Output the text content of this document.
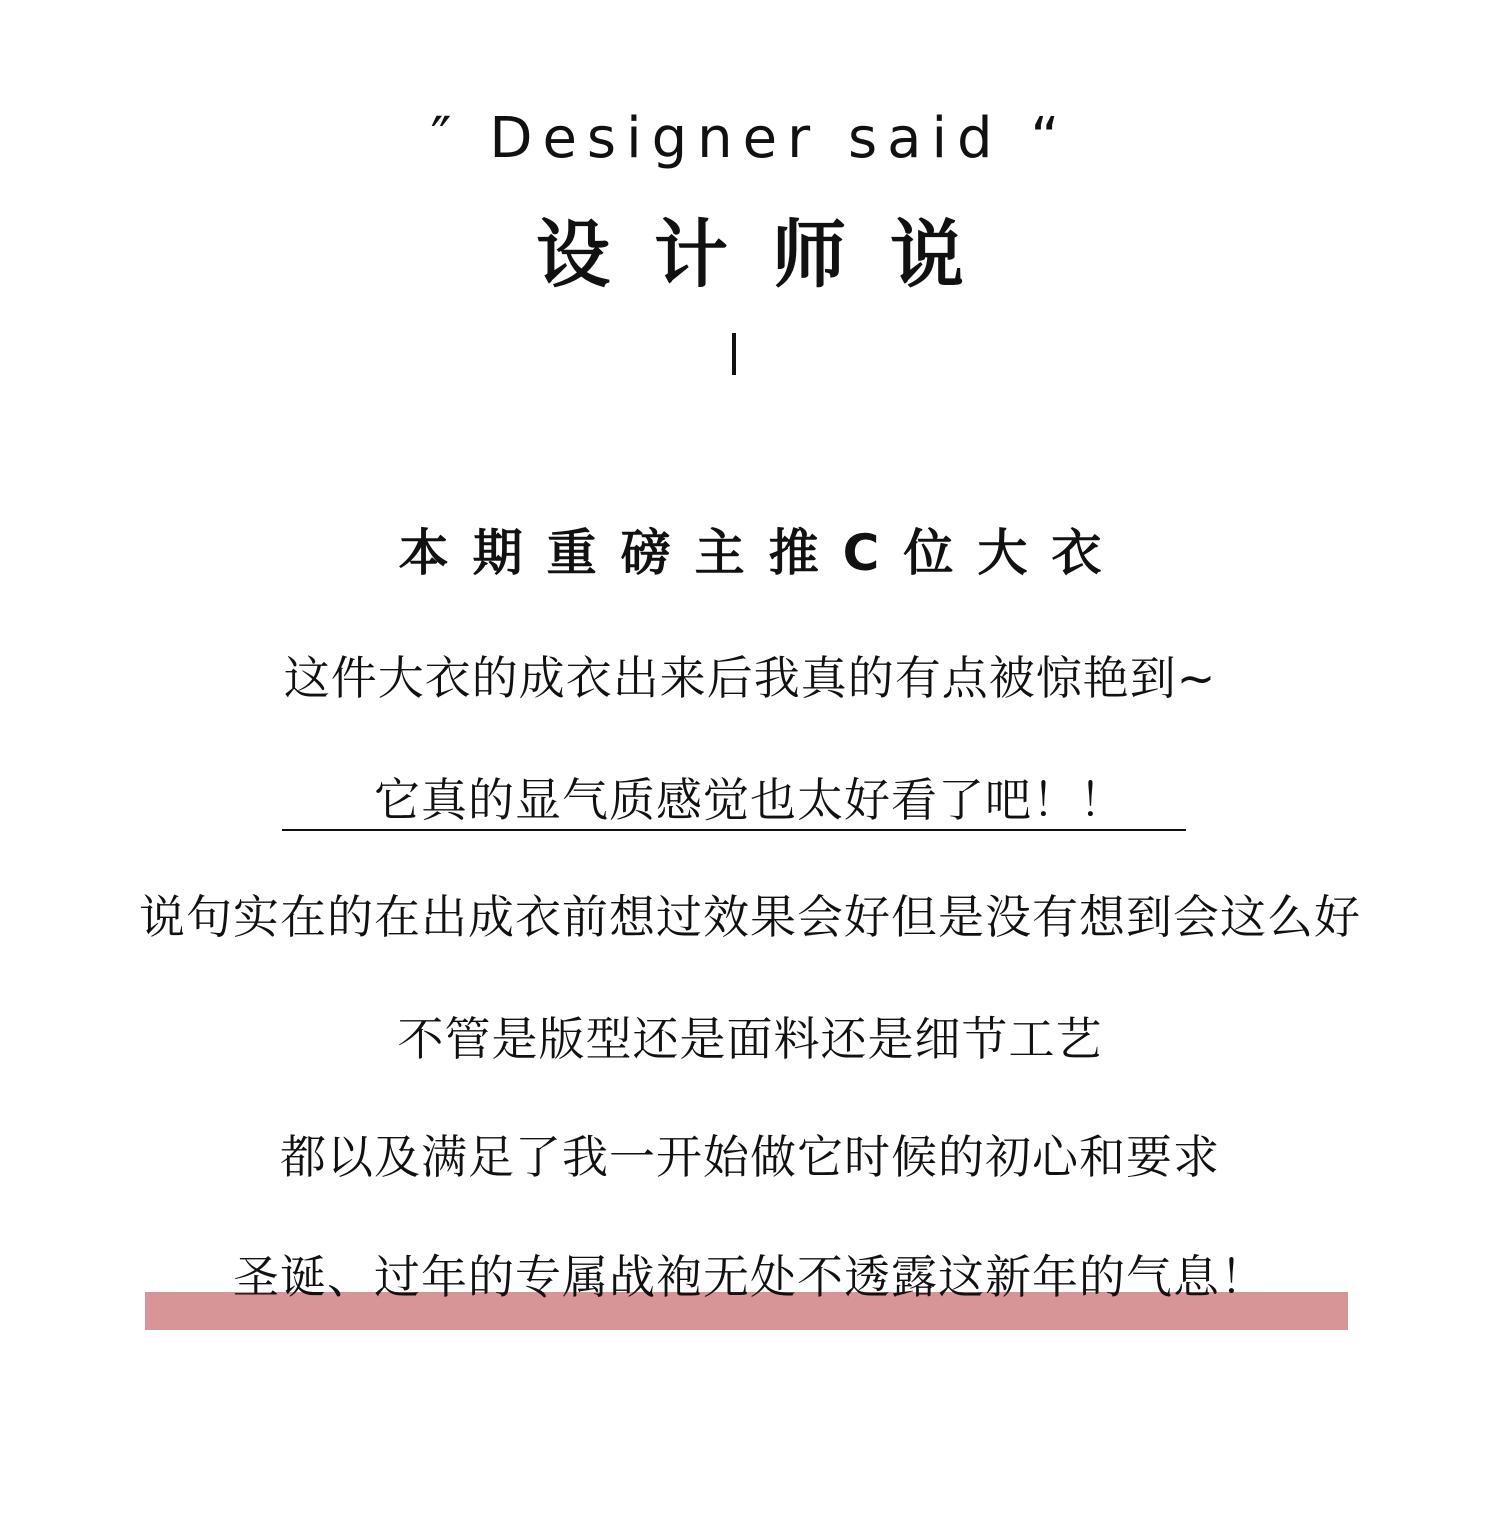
″ Designer said “
设计师说
本期重磅主推C位大衣
这件大衣的成衣出来后我真的有点被惊艳到~
它真的显气质感觉也太好看了吧！！
说句实在的在出成衣前想过效果会好但是没有想到会这么好
不管是版型还是面料还是细节工艺
都以及满足了我一开始做它时候的初心和要求
圣诞、过年的专属战袍无处不透露这新年的气息！
